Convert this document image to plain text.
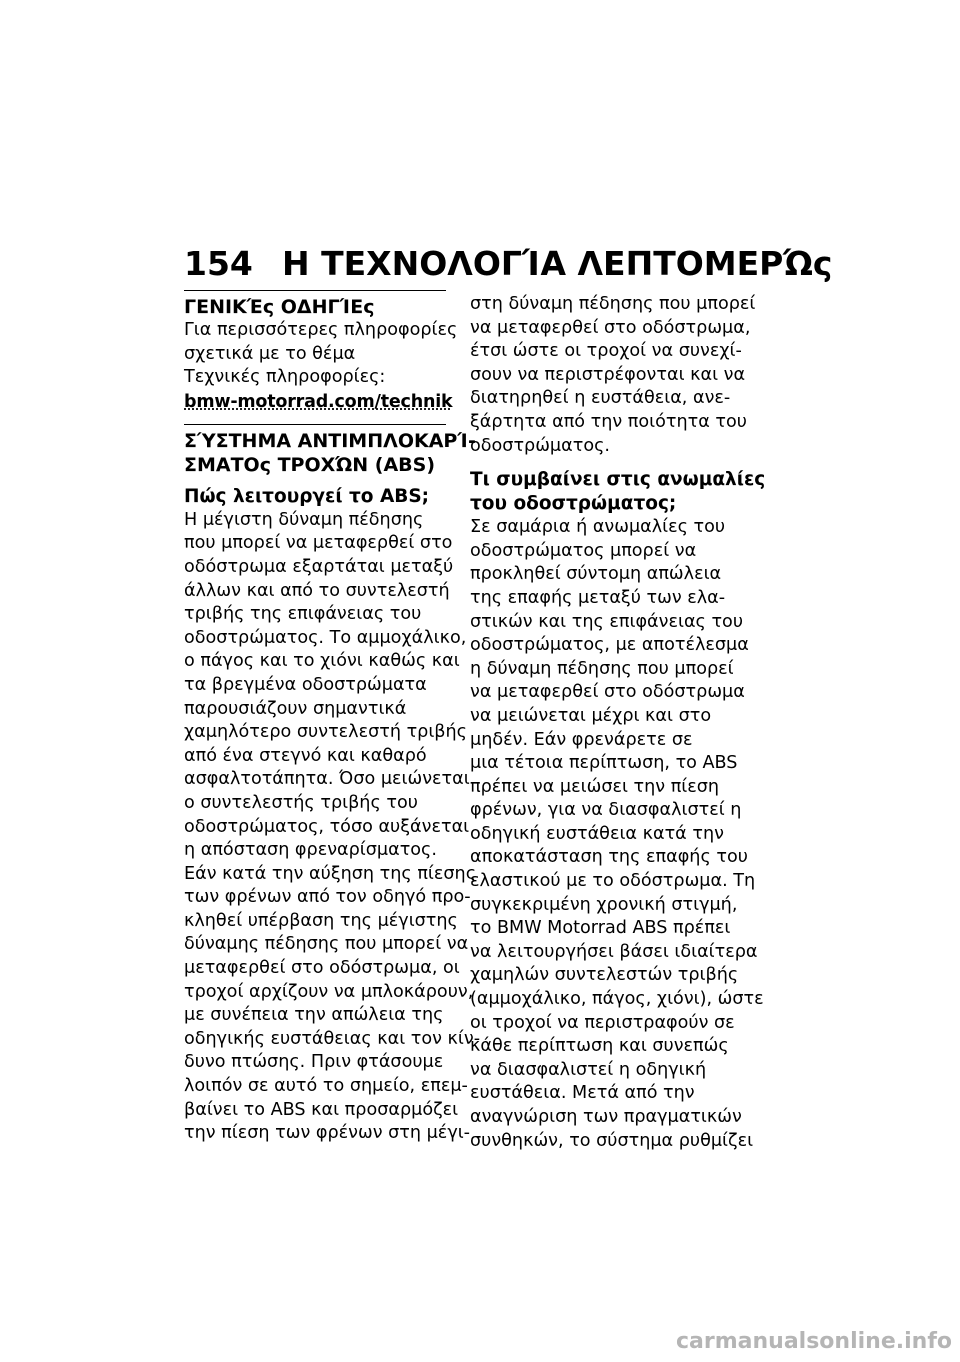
154 Η ΤΕΧΝΟΛΟΓΊΑ ΛΕΠΤΟΜΕΡΏς
ΓΕΝΙΚΈς ΟΔΗΓΊΕς
Για περισσότερες πληροφορίες
σχετικά με το θέμα
Τεχνικές πληροφορίες:
bmw-motorrad.com/technik
ΣΎΣΤΗΜΑ ΑΝΤΙΜΠΛΟΚΑΡΊ-
ΣΜΑΤΟς ΤΡΟΧΏΝ (ABS)
Πώς λειτουργεί το ABS;
Η μέγιστη δύναμη πέδησης
που μπορεί να μεταφερθεί στο
οδόστρωμα εξαρτάται μεταξύ
άλλων και από το συντελεστή
τριβής της επιφάνειας του
οδοστρώματος. Το αμμοχάλικο,
ο πάγος και το χιόνι καθώς και
τα βρεγμένα οδοστρώματα
παρουσιάζουν σημαντικά
χαμηλότερο συντελεστή τριβής
από ένα στεγνό και καθαρό
ασφαλτοτάπητα. Όσο μειώνεται
ο συντελεστής τριβής του
οδοστρώματος, τόσο αυξάνεται
η απόσταση φρεναρίσματος.
Εάν κατά την αύξηση της πίεσης
των φρένων από τον οδηγό προ-
κληθεί υπέρβαση της μέγιστης
δύναμης πέδησης που μπορεί να
μεταφερθεί στο οδόστρωμα, οι
τροχοί αρχίζουν να μπλοκάρουν,
με συνέπεια την απώλεια της
οδηγικής ευστάθειας και τον κίν-
δυνο πτώσης. Πριν φτάσουμε
λοιπόν σε αυτό το σημείο, επεμ-
βαίνει το ABS και προσαρμόζει
την πίεση των φρένων στη μέγι-
στη δύναμη πέδησης που μπορεί
να μεταφερθεί στο οδόστρωμα,
έτσι ώστε οι τροχοί να συνεχί-
σουν να περιστρέφονται και να
διατηρηθεί η ευστάθεια, ανε-
ξάρτητα από την ποιότητα του
οδοστρώματος.
Τι συμβαίνει στις ανωμαλίες
του οδοστρώματος;
Σε σαμάρια ή ανωμαλίες του
οδοστρώματος μπορεί να
προκληθεί σύντομη απώλεια
της επαφής μεταξύ των ελα-
στικών και της επιφάνειας του
οδοστρώματος, με αποτέλεσμα
η δύναμη πέδησης που μπορεί
να μεταφερθεί στο οδόστρωμα
να μειώνεται μέχρι και στο
μηδέν. Εάν φρενάρετε σε
μια τέτοια περίπτωση, το ABS
πρέπει να μειώσει την πίεση
φρένων, για να διασφαλιστεί η
οδηγική ευστάθεια κατά την
αποκατάσταση της επαφής του
ελαστικού με το οδόστρωμα. Τη
συγκεκριμένη χρονική στιγμή,
το BMW Motorrad ABS πρέπει
να λειτουργήσει βάσει ιδιαίτερα
χαμηλών συντελεστών τριβής
(αμμοχάλικο, πάγος, χιόνι), ώστε
οι τροχοί να περιστραφούν σε
κάθε περίπτωση και συνεπώς
να διασφαλιστεί η οδηγική
ευστάθεια. Μετά από την
αναγνώριση των πραγματικών
συνθηκών, το σύστημα ρυθμίζει
carmanualsonline.info
